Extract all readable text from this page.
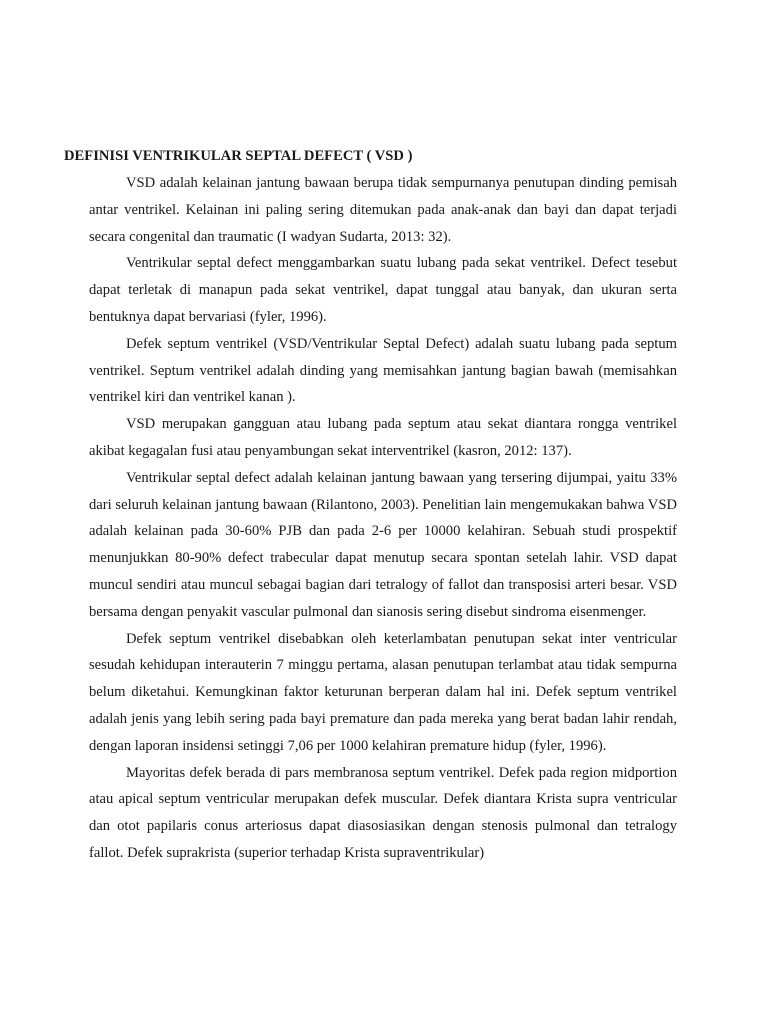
DEFINISI VENTRIKULAR SEPTAL DEFECT ( VSD )

VSD adalah kelainan jantung bawaan berupa tidak sempurnanya penutupan dinding pemisah antar ventrikel. Kelainan ini paling sering ditemukan pada anak-anak dan bayi dan dapat terjadi secara congenital dan traumatic (I wadyan Sudarta, 2013: 32).

Ventrikular septal defect menggambarkan suatu lubang pada sekat ventrikel. Defect tesebut dapat terletak di manapun pada sekat ventrikel, dapat tunggal atau banyak, dan ukuran serta bentuknya dapat bervariasi (fyler, 1996).

Defek septum ventrikel (VSD/Ventrikular Septal Defect) adalah suatu lubang pada septum ventrikel. Septum ventrikel adalah dinding yang memisahkan jantung bagian bawah (memisahkan ventrikel kiri dan ventrikel kanan ).

VSD merupakan gangguan atau lubang pada septum atau sekat diantara rongga ventrikel akibat kegagalan fusi atau penyambungan sekat interventrikel (kasron, 2012: 137).

Ventrikular septal defect adalah kelainan jantung bawaan yang tersering dijumpai, yaitu 33% dari seluruh kelainan jantung bawaan (Rilantono, 2003). Penelitian lain mengemukakan bahwa VSD adalah kelainan pada 30-60% PJB dan pada 2-6 per 10000 kelahiran. Sebuah studi prospektif menunjukkan 80-90% defect trabecular dapat menutup secara spontan setelah lahir. VSD dapat muncul sendiri atau muncul sebagai bagian dari tetralogy of fallot dan transposisi arteri besar. VSD bersama dengan penyakit vascular pulmonal dan sianosis sering disebut sindroma eisenmenger.

Defek septum ventrikel disebabkan oleh keterlambatan penutupan sekat inter ventricular sesudah kehidupan interauterin 7 minggu pertama, alasan penutupan terlambat atau tidak sempurna belum diketahui. Kemungkinan faktor keturunan berperan dalam hal ini. Defek septum ventrikel adalah jenis yang lebih sering pada bayi premature dan pada mereka yang berat badan lahir rendah, dengan laporan insidensi setinggi 7,06 per 1000 kelahiran premature hidup (fyler, 1996).

Mayoritas defek berada di pars membranosa septum ventrikel. Defek pada region midportion atau apical septum ventricular merupakan defek muscular. Defek diantara Krista supra ventricular dan otot papilaris conus arteriosus dapat diasosiasikan dengan stenosis pulmonal dan tetralogy fallot. Defek suprakrista (superior terhadap Krista supraventrikular)
